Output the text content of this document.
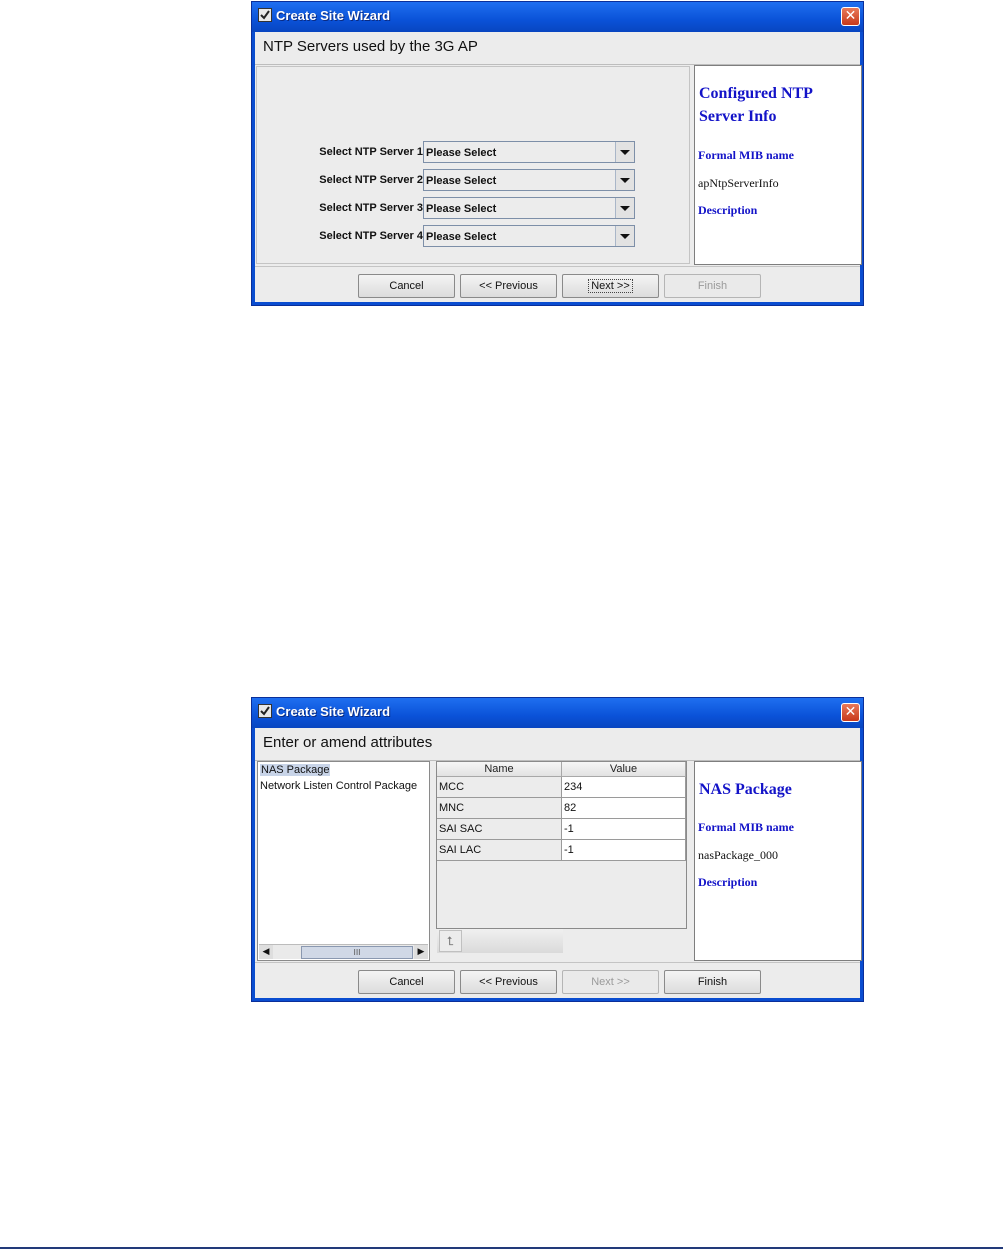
Create Site Wizard	✕
NTP Servers used by the 3G AP
Select NTP Server 1 Please Select
Select NTP Server 2 Please Select
Select NTP Server 3 Please Select
Select NTP Server 4 Please Select
Configured NTP Server Info
Formal MIB name
apNtpServerInfo
Description
Cancel	<< Previous	Next >>	Finish
Create Site Wizard	✕
Enter or amend attributes
NAS Package
Network Listen Control Package
◀	III	▶
Name	Value
MCC	234
MNC	82
SAI SAC	-1
SAI LAC	-1
⮤
NAS Package
Formal MIB name
nasPackage_000
Description
Cancel	<< Previous	Next >>	Finish
